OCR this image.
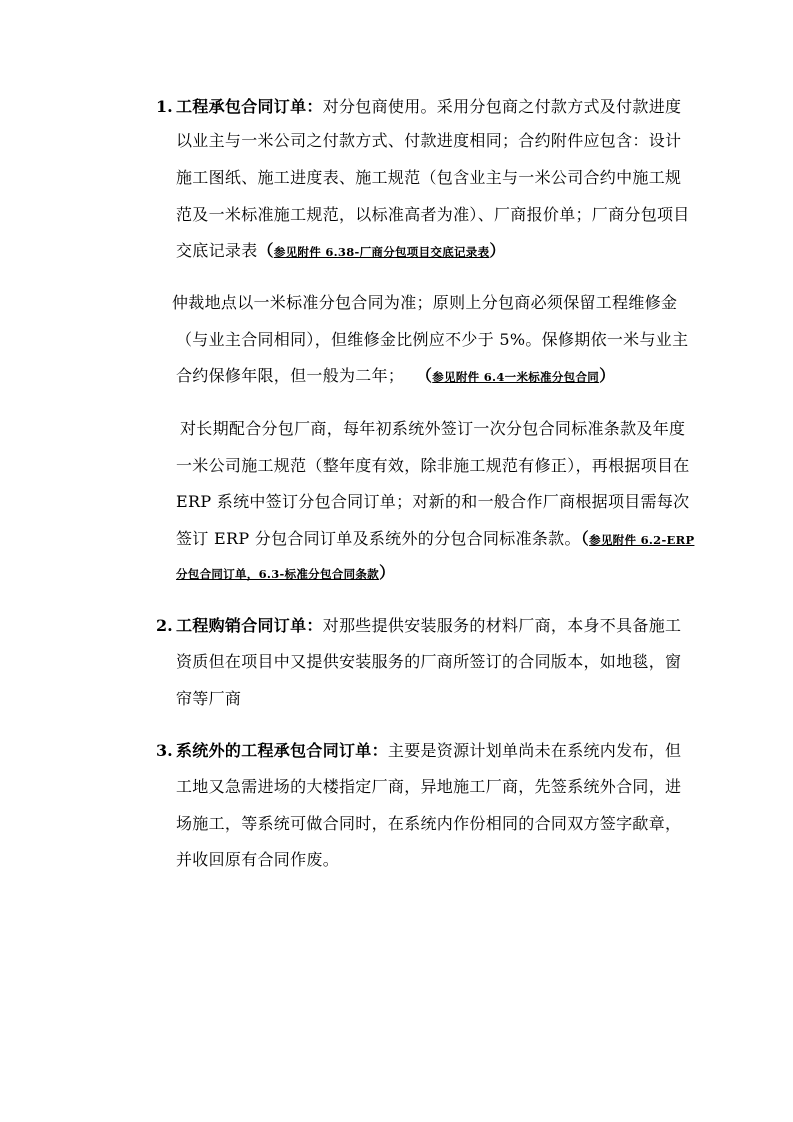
1. 工程承包合同订单：对分包商使用。采用分包商之付款方式及付款进度
以业主与一米公司之付款方式、付款进度相同；合约附件应包含：设计
施工图纸、施工进度表、施工规范（包含业主与一米公司合约中施工规
范及一米标准施工规范，以标准高者为准）、厂商报价单；厂商分包项目
交底记录表（参见附件 6.38-厂商分包项目交底记录表）
仲裁地点以一米标准分包合同为准；原则上分包商必须保留工程维修金
（与业主合同相同），但维修金比例应不少于 5%。保修期依一米与业主
合约保修年限，但一般为二年；  （参见附件 6.4一米标准分包合同）
对长期配合分包厂商，每年初系统外签订一次分包合同标准条款及年度
一米公司施工规范（整年度有效，除非施工规范有修正），再根据项目在
ERP 系统中签订分包合同订单；对新的和一般合作厂商根据项目需每次
签订 ERP 分包合同订单及系统外的分包合同标准条款。（参见附件 6.2-ERP
分包合同订单，6.3-标准分包合同条款）
2. 工程购销合同订单：对那些提供安装服务的材料厂商，本身不具备施工
资质但在项目中又提供安装服务的厂商所签订的合同版本，如地毯，窗
帘等厂商
3. 系统外的工程承包合同订单：主要是资源计划单尚未在系统内发布，但
工地又急需进场的大楼指定厂商，异地施工厂商，先签系统外合同，进
场施工，等系统可做合同时，在系统内作份相同的合同双方签字歃章，
并收回原有合同作废。
